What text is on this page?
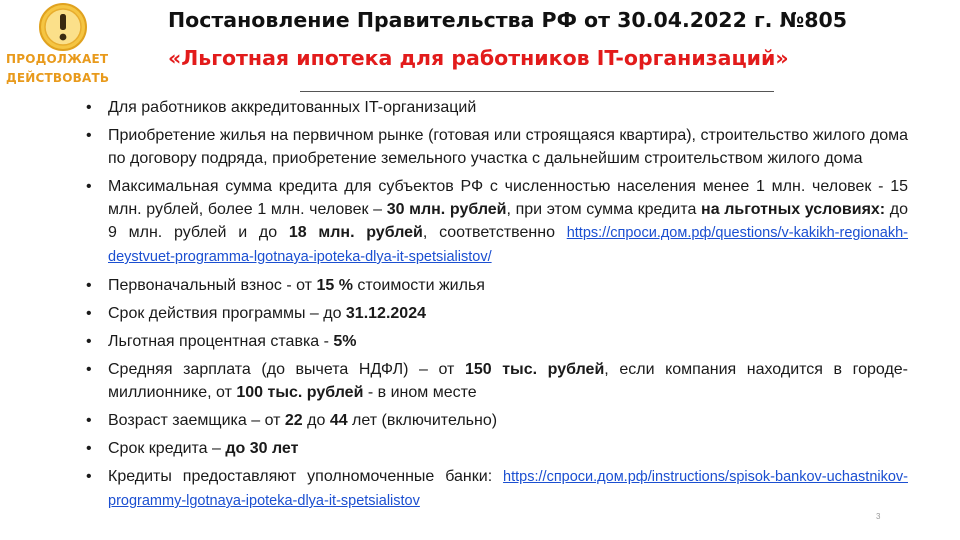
ПРОДОЛЖАЕТ
ДЕЙСТВОВАТЬ
Постановление Правительства РФ от 30.04.2022 г. №805
«Льготная ипотека для работников IT-организаций»
• Для работников аккредитованных IT-организаций
• Приобретение жилья на первичном рынке (готовая или строящаяся квартира), строительство жилого дома по договору подряда, приобретение земельного участка с дальнейшим строительством жилого дома
• Максимальная сумма кредита для субъектов РФ с численностью населения менее 1 млн. человек - 15 млн. рублей, более 1 млн. человек – 30 млн. рублей, при этом сумма кредита на льготных условиях: до 9 млн. рублей и до 18 млн. рублей, соответственно https://спроси.дом.рф/questions/v-kakikh-regionakh-deystvuet-programma-lgotnaya-ipoteka-dlya-it-spetsialistov/
• Первоначальный взнос - от 15 % стоимости жилья
• Срок действия программы – до 31.12.2024
• Льготная процентная ставка - 5%
• Средняя зарплата (до вычета НДФЛ) – от 150 тыс. рублей, если компания находится в городе-миллионнике, от 100 тыс. рублей - в ином месте
• Возраст заемщика – от 22 до 44 лет (включительно)
• Срок кредита – до 30 лет
• Кредиты предоставляют уполномоченные банки: https://спроси.дом.рф/instructions/spisok-bankov-uchastnikov-programmy-lgotnaya-ipoteka-dlya-it-spetsialistov
3
